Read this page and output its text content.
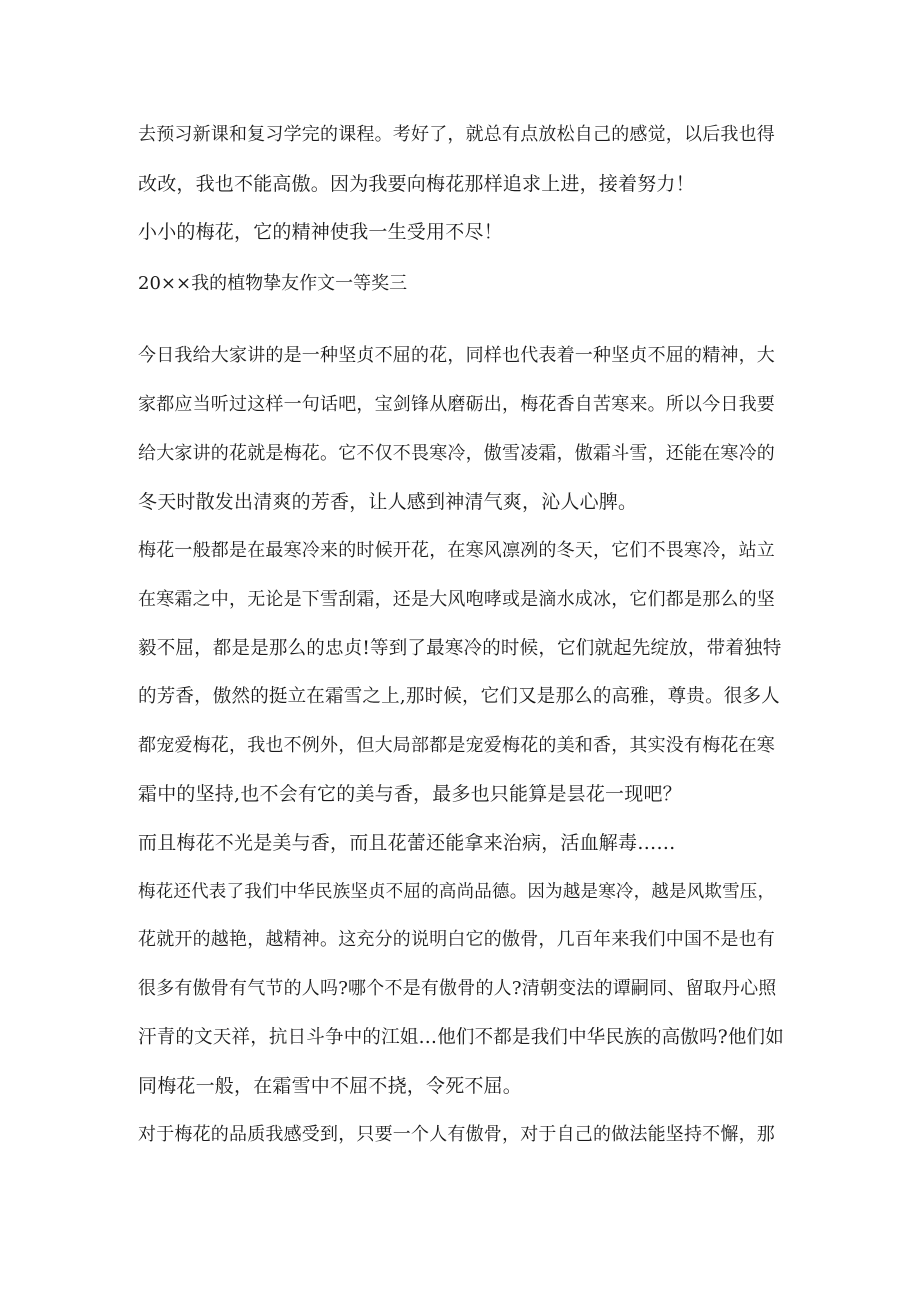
去预习新课和复习学完的课程。考好了，就总有点放松自己的感觉，以后我也得
改改，我也不能高傲。因为我要向梅花那样追求上进，接着努力！
小小的梅花，它的精神使我一生受用不尽！
20××我的植物挚友作文一等奖三
今日我给大家讲的是一种坚贞不屈的花，同样也代表着一种坚贞不屈的精神，大
家都应当听过这样一句话吧，宝剑锋从磨砺出，梅花香自苦寒来。所以今日我要
给大家讲的花就是梅花。它不仅不畏寒冷，傲雪凌霜，傲霜斗雪，还能在寒冷的
冬天时散发出清爽的芳香，让人感到神清气爽，沁人心脾。
梅花一般都是在最寒冷来的时候开花，在寒风凛冽的冬天，它们不畏寒冷，站立
在寒霜之中，无论是下雪刮霜，还是大风咆哮或是滴水成冰，它们都是那么的坚
毅不屈，都是是那么的忠贞!等到了最寒冷的时候，它们就起先绽放，带着独特
的芳香，傲然的挺立在霜雪之上,那时候，它们又是那么的高雅，尊贵。很多人
都宠爱梅花，我也不例外，但大局部都是宠爱梅花的美和香，其实没有梅花在寒
霜中的坚持,也不会有它的美与香，最多也只能算是昙花一现吧？
而且梅花不光是美与香，而且花蕾还能拿来治病，活血解毒……
梅花还代表了我们中华民族坚贞不屈的高尚品德。因为越是寒冷，越是风欺雪压，
花就开的越艳，越精神。这充分的说明白它的傲骨，几百年来我们中国不是也有
很多有傲骨有气节的人吗?哪个不是有傲骨的人?清朝变法的谭嗣同、留取丹心照
汗青的文天祥，抗日斗争中的江姐…他们不都是我们中华民族的高傲吗?他们如
同梅花一般，在霜雪中不屈不挠，令死不屈。
对于梅花的品质我感受到，只要一个人有傲骨，对于自己的做法能坚持不懈，那
